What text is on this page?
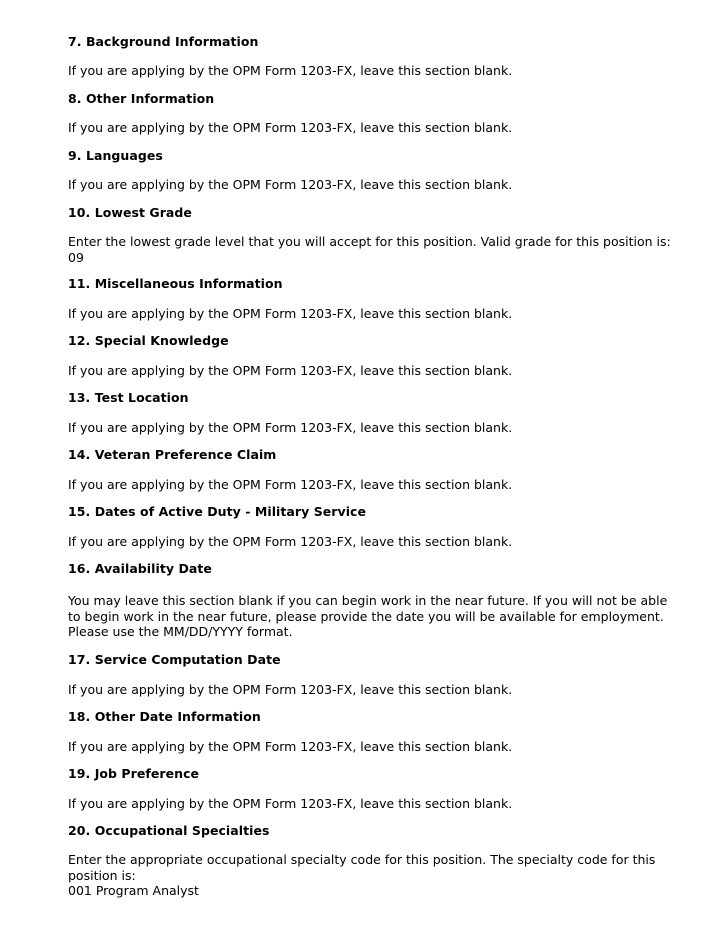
7. Background Information
If you are applying by the OPM Form 1203-FX, leave this section blank.
8. Other Information
If you are applying by the OPM Form 1203-FX, leave this section blank.
9. Languages
If you are applying by the OPM Form 1203-FX, leave this section blank.
10. Lowest Grade
Enter the lowest grade level that you will accept for this position. Valid grade for this position is:
09
11. Miscellaneous Information
If you are applying by the OPM Form 1203-FX, leave this section blank.
12. Special Knowledge
If you are applying by the OPM Form 1203-FX, leave this section blank.
13. Test Location
If you are applying by the OPM Form 1203-FX, leave this section blank.
14. Veteran Preference Claim
If you are applying by the OPM Form 1203-FX, leave this section blank.
15. Dates of Active Duty - Military Service
If you are applying by the OPM Form 1203-FX, leave this section blank.
16. Availability Date
You may leave this section blank if you can begin work in the near future. If you will not be able
to begin work in the near future, please provide the date you will be available for employment.
Please use the MM/DD/YYYY format.
17. Service Computation Date
If you are applying by the OPM Form 1203-FX, leave this section blank.
18. Other Date Information
If you are applying by the OPM Form 1203-FX, leave this section blank.
19. Job Preference
If you are applying by the OPM Form 1203-FX, leave this section blank.
20. Occupational Specialties
Enter the appropriate occupational specialty code for this position. The specialty code for this
position is:
001 Program Analyst
